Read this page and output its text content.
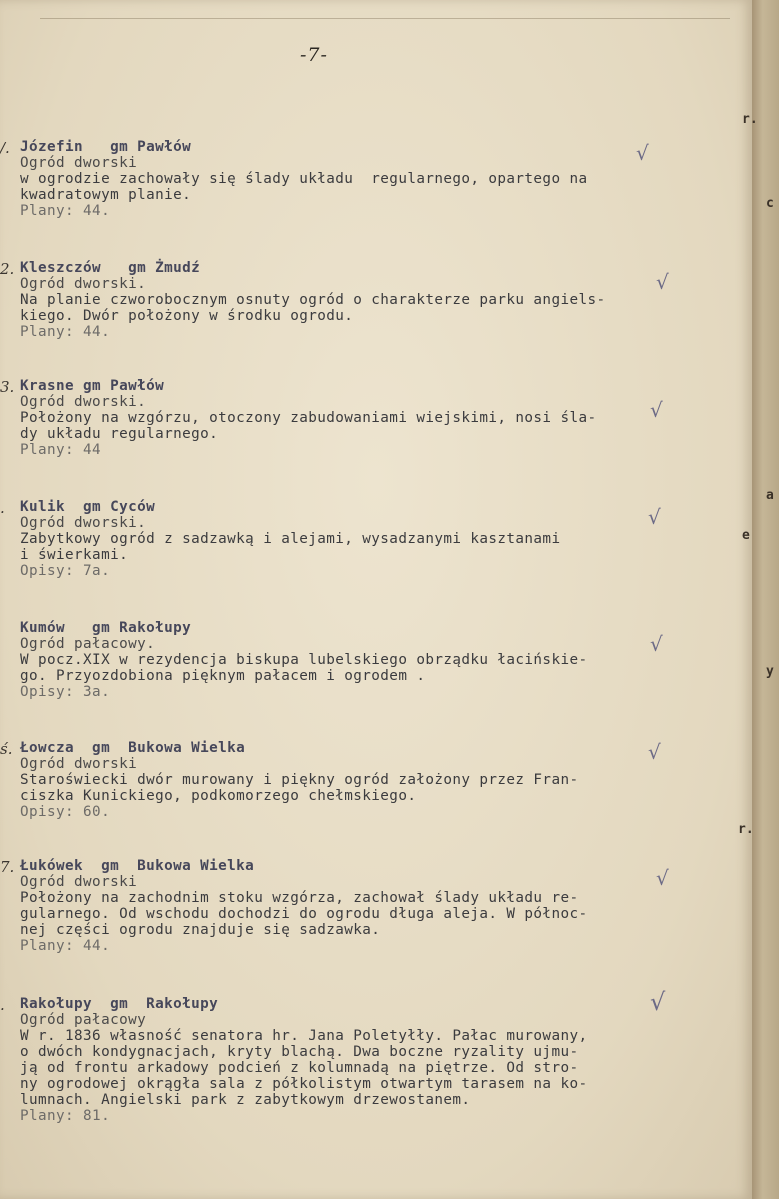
-7-
/. Józefin   gm Pawłów
Ogród dworski
w ogrodzie zachowały się ślady układu  regularnego, opartego na
kwadratowym planie.
Plany: 44.
√
2. Kleszczów   gm Żmudź
Ogród dworski.
Na planie czworobocznym osnuty ogród o charakterze parku angiels-
kiego. Dwór położony w środku ogrodu.
Plany: 44.
√
3. Krasne gm Pawłów
Ogród dworski.
Położony na wzgórzu, otoczony zabudowaniami wiejskimi, nosi śla-
dy układu regularnego.
Plany: 44
√
. Kulik  gm Cyców
Ogród dworski.
Zabytkowy ogród z sadzawką i alejami, wysadzanymi kasztanami
i świerkami.
Opisy: 7a.
√
Kumów   gm Rakołupy
Ogród pałacowy.
W pocz.XIX w rezydencja biskupa lubelskiego obrządku łacińskie-
go. Przyozdobiona pięknym pałacem i ogrodem .
Opisy: 3a.
√
ś. Łowcza  gm  Bukowa Wielka
Ogród dworski
Staroświecki dwór murowany i piękny ogród założony przez Fran-
ciszka Kunickiego, podkomorzego chełmskiego.
Opisy: 60.
√
7. Łukówek  gm  Bukowa Wielka
Ogród dworski
Położony na zachodnim stoku wzgórza, zachował ślady układu re-
gularnego. Od wschodu dochodzi do ogrodu długa aleja. W północ-
nej części ogrodu znajduje się sadzawka.
Plany: 44.
√
. Rakołupy  gm  Rakołupy
Ogród pałacowy
W r. 1836 własność senatora hr. Jana Poletyłły. Pałac murowany,
o dwóch kondygnacjach, kryty blachą. Dwa boczne ryzality ujmu-
ją od frontu arkadowy podcień z kolumnadą na piętrze. Od stro-
ny ogrodowej okrągła sala z półkolistym otwartym tarasem na ko-
lumnach. Angielski park z zabytkowym drzewostanem.
Plany: 81.
√
r.
c
a
e
y
r.
